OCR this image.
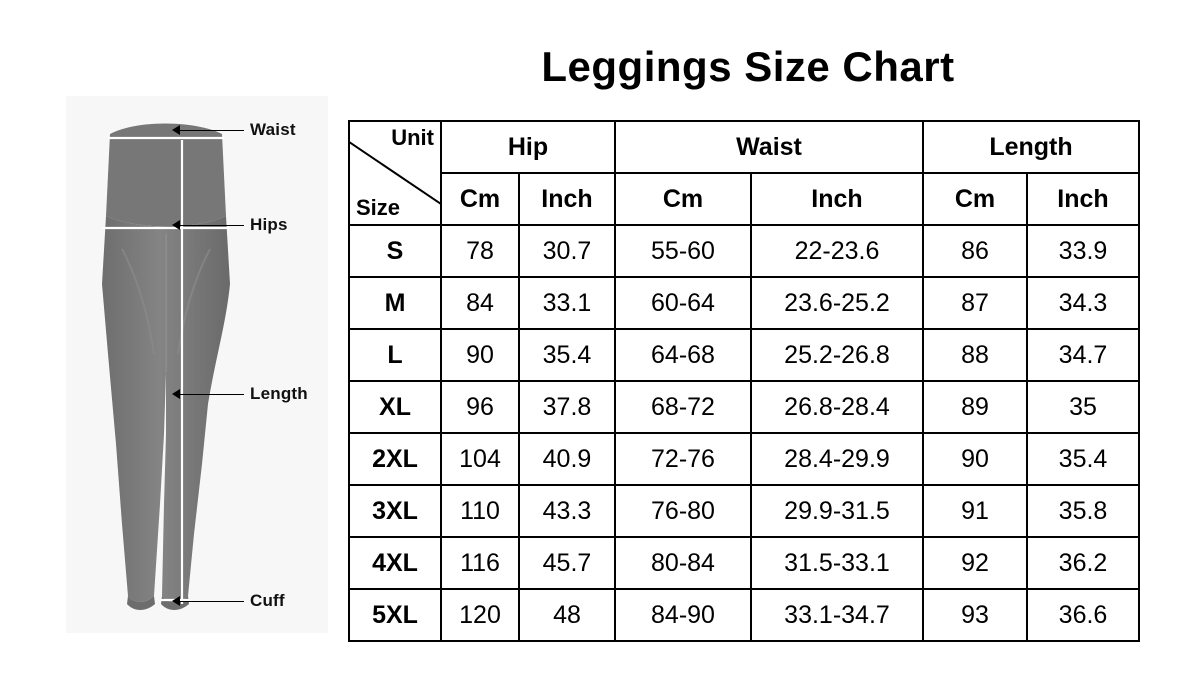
Waist
Hips
Length
Cuff
Leggings Size Chart
Unit
Size	Hip		Waist		Length	
	Cm	Inch	Cm	Inch	Cm	Inch
S	78	30.7	55-60	22-23.6	86	33.9
M	84	33.1	60-64	23.6-25.2	87	34.3
L	90	35.4	64-68	25.2-26.8	88	34.7
XL	96	37.8	68-72	26.8-28.4	89	35
2XL	104	40.9	72-76	28.4-29.9	90	35.4
3XL	110	43.3	76-80	29.9-31.5	91	35.8
4XL	116	45.7	80-84	31.5-33.1	92	36.2
5XL	120	48	84-90	33.1-34.7	93	36.6
